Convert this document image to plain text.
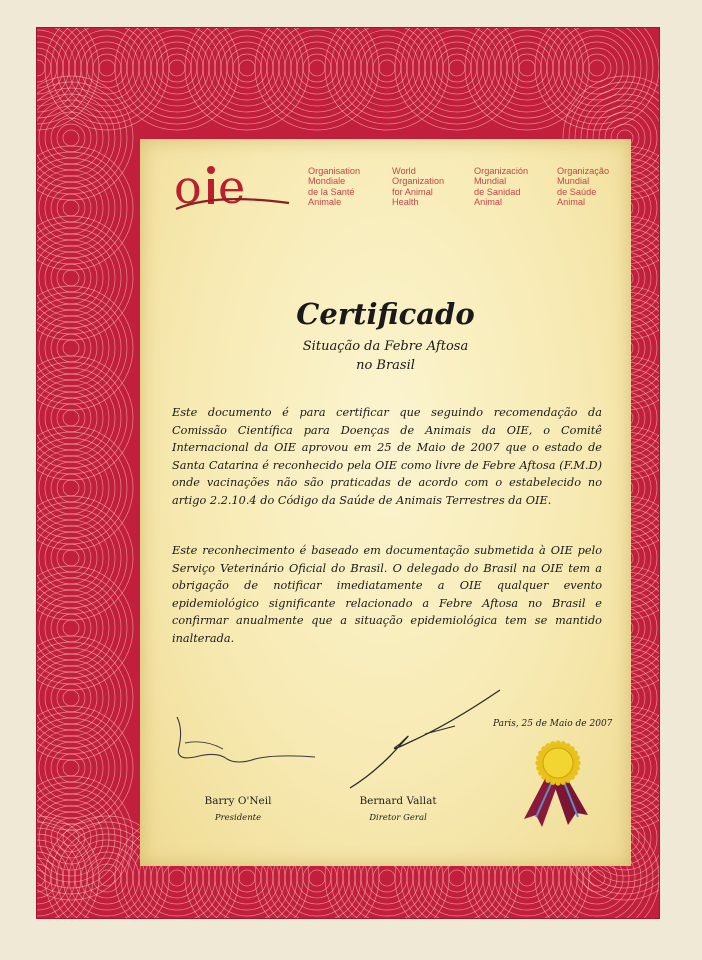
o e	Organisation
Mondiale
de la Santé
Animale
World
Organization
for Animal
Health
Organización
Mundial
de Sanidad
Animal
Organização
Mundial
de Saúde
Animal
Certificado
Situação da Febre Aftosa
no Brasil

Este documento é para certificar que seguindo recomendação da Comissão Científica para Doenças de Animais da OIE, o Comitê Internacional da OIE aprovou em 25 de Maio de 2007 que o estado de Santa Catarina é reconhecido pela OIE como livre de Febre Aftosa (F.M.D) onde vacinações não são praticadas de acordo com o estabelecido no artigo 2.2.10.4 do Código da Saúde de Animais Terrestres da OIE.

Este reconhecimento é baseado em documentação submetida à OIE pelo Serviço Veterinário Oficial do Brasil. O delegado do Brasil na OIE tem a obrigação de notificar imediatamente a OIE qualquer evento epidemiológico significante relacionado a Febre Aftosa no Brasil e confirmar anualmente que a situação epidemiológica tem se mantido inalterada.

Paris, 25 de Maio de 2007
Barry O'Neil
Presidente
Bernard Vallat
Diretor Geral
